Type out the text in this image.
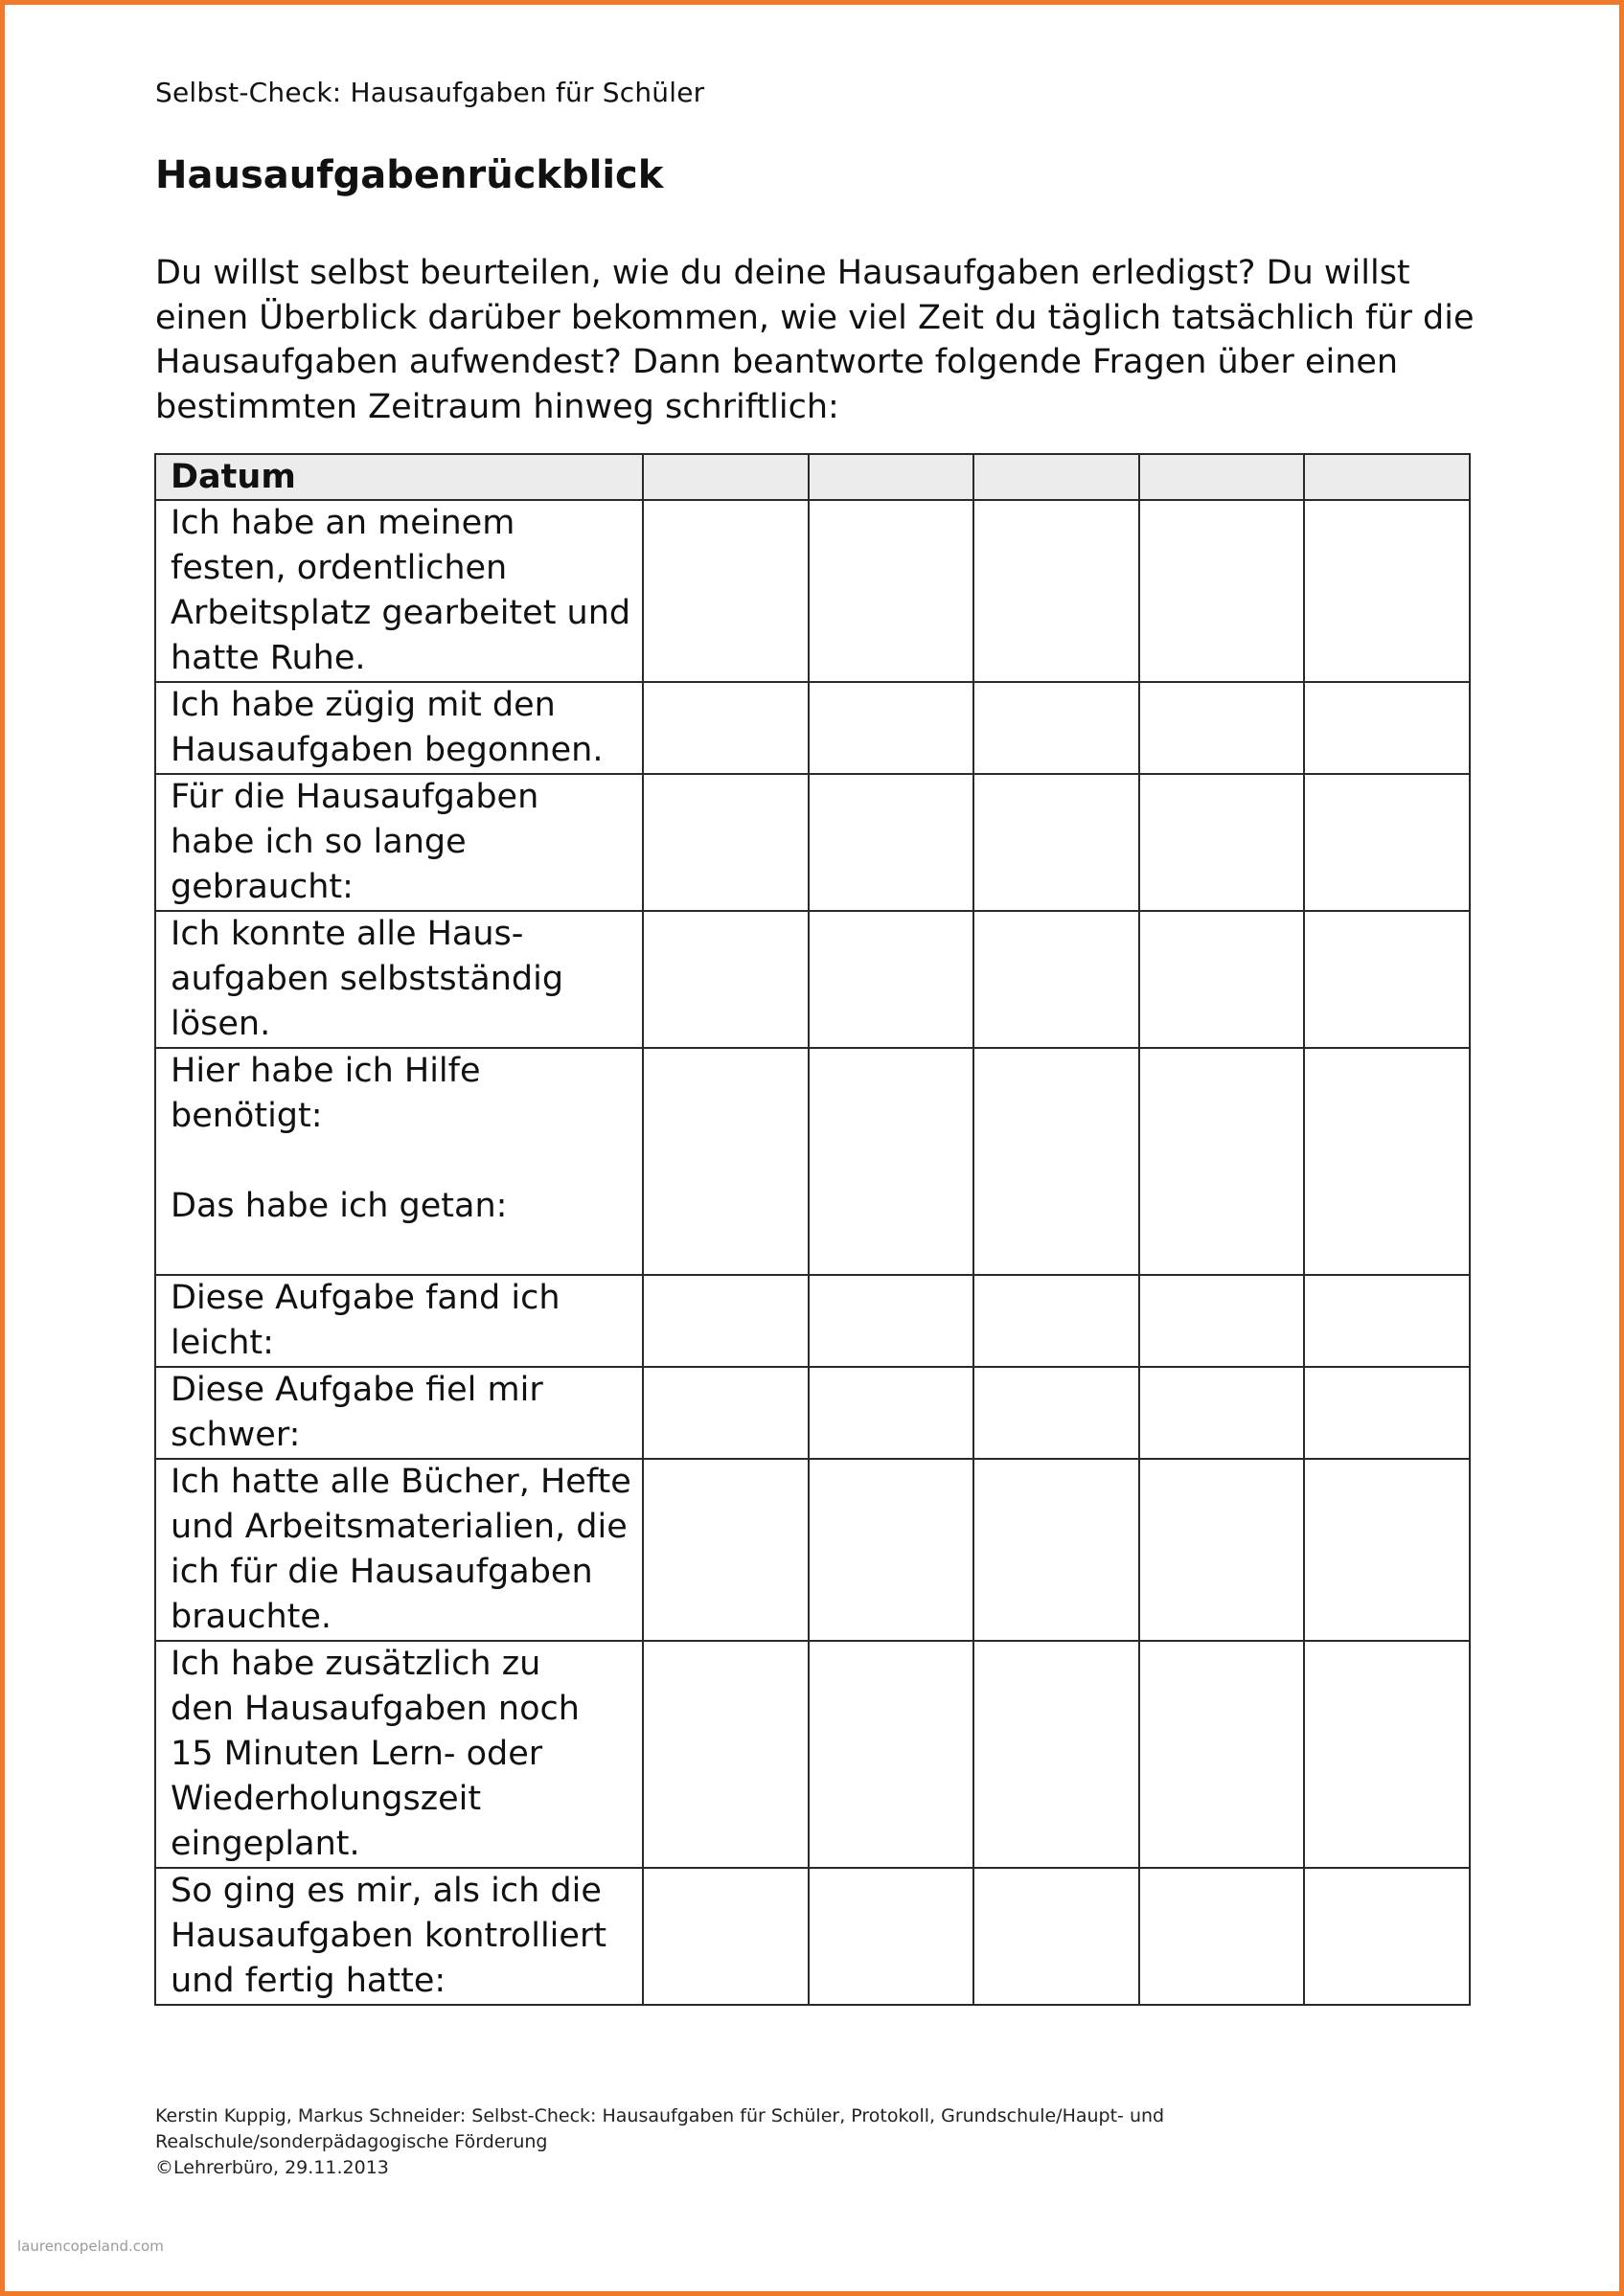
Selbst-Check: Hausaufgaben für Schüler
Hausaufgabenrückblick
Du willst selbst beurteilen, wie du deine Hausaufgaben erledigst? Du willst
einen Überblick darüber bekommen, wie viel Zeit du täglich tatsächlich für die
Hausaufgaben aufwendest? Dann beantworte folgende Fragen über einen
bestimmten Zeitraum hinweg schriftlich:
Datum					

Ich habe an meinem
festen, ordentlichen
Arbeitsplatz gearbeitet und
hatte Ruhe.					

Ich habe zügig mit den
Hausaufgaben begonnen.					

Für die Hausaufgaben
habe ich so lange
gebraucht:					

Ich konnte alle Haus-
aufgaben selbstständig
lösen.					

Hier habe ich Hilfe
benötigt:
Das habe ich getan:					

Diese Aufgabe fand ich
leicht:					

Diese Aufgabe fiel mir
schwer:					

Ich hatte alle Bücher, Hefte
und Arbeitsmaterialien, die
ich für die Hausaufgaben
brauchte.					

Ich habe zusätzlich zu
den Hausaufgaben noch
15 Minuten Lern- oder
Wiederholungszeit
eingeplant.					

So ging es mir, als ich die
Hausaufgaben kontrolliert
und fertig hatte:					

Kerstin Kuppig, Markus Schneider: Selbst-Check: Hausaufgaben für Schüler, Protokoll, Grundschule/Haupt- und
Realschule/sonderpädagogische Förderung
©Lehrerbüro, 29.11.2013
laurencopeland.com
